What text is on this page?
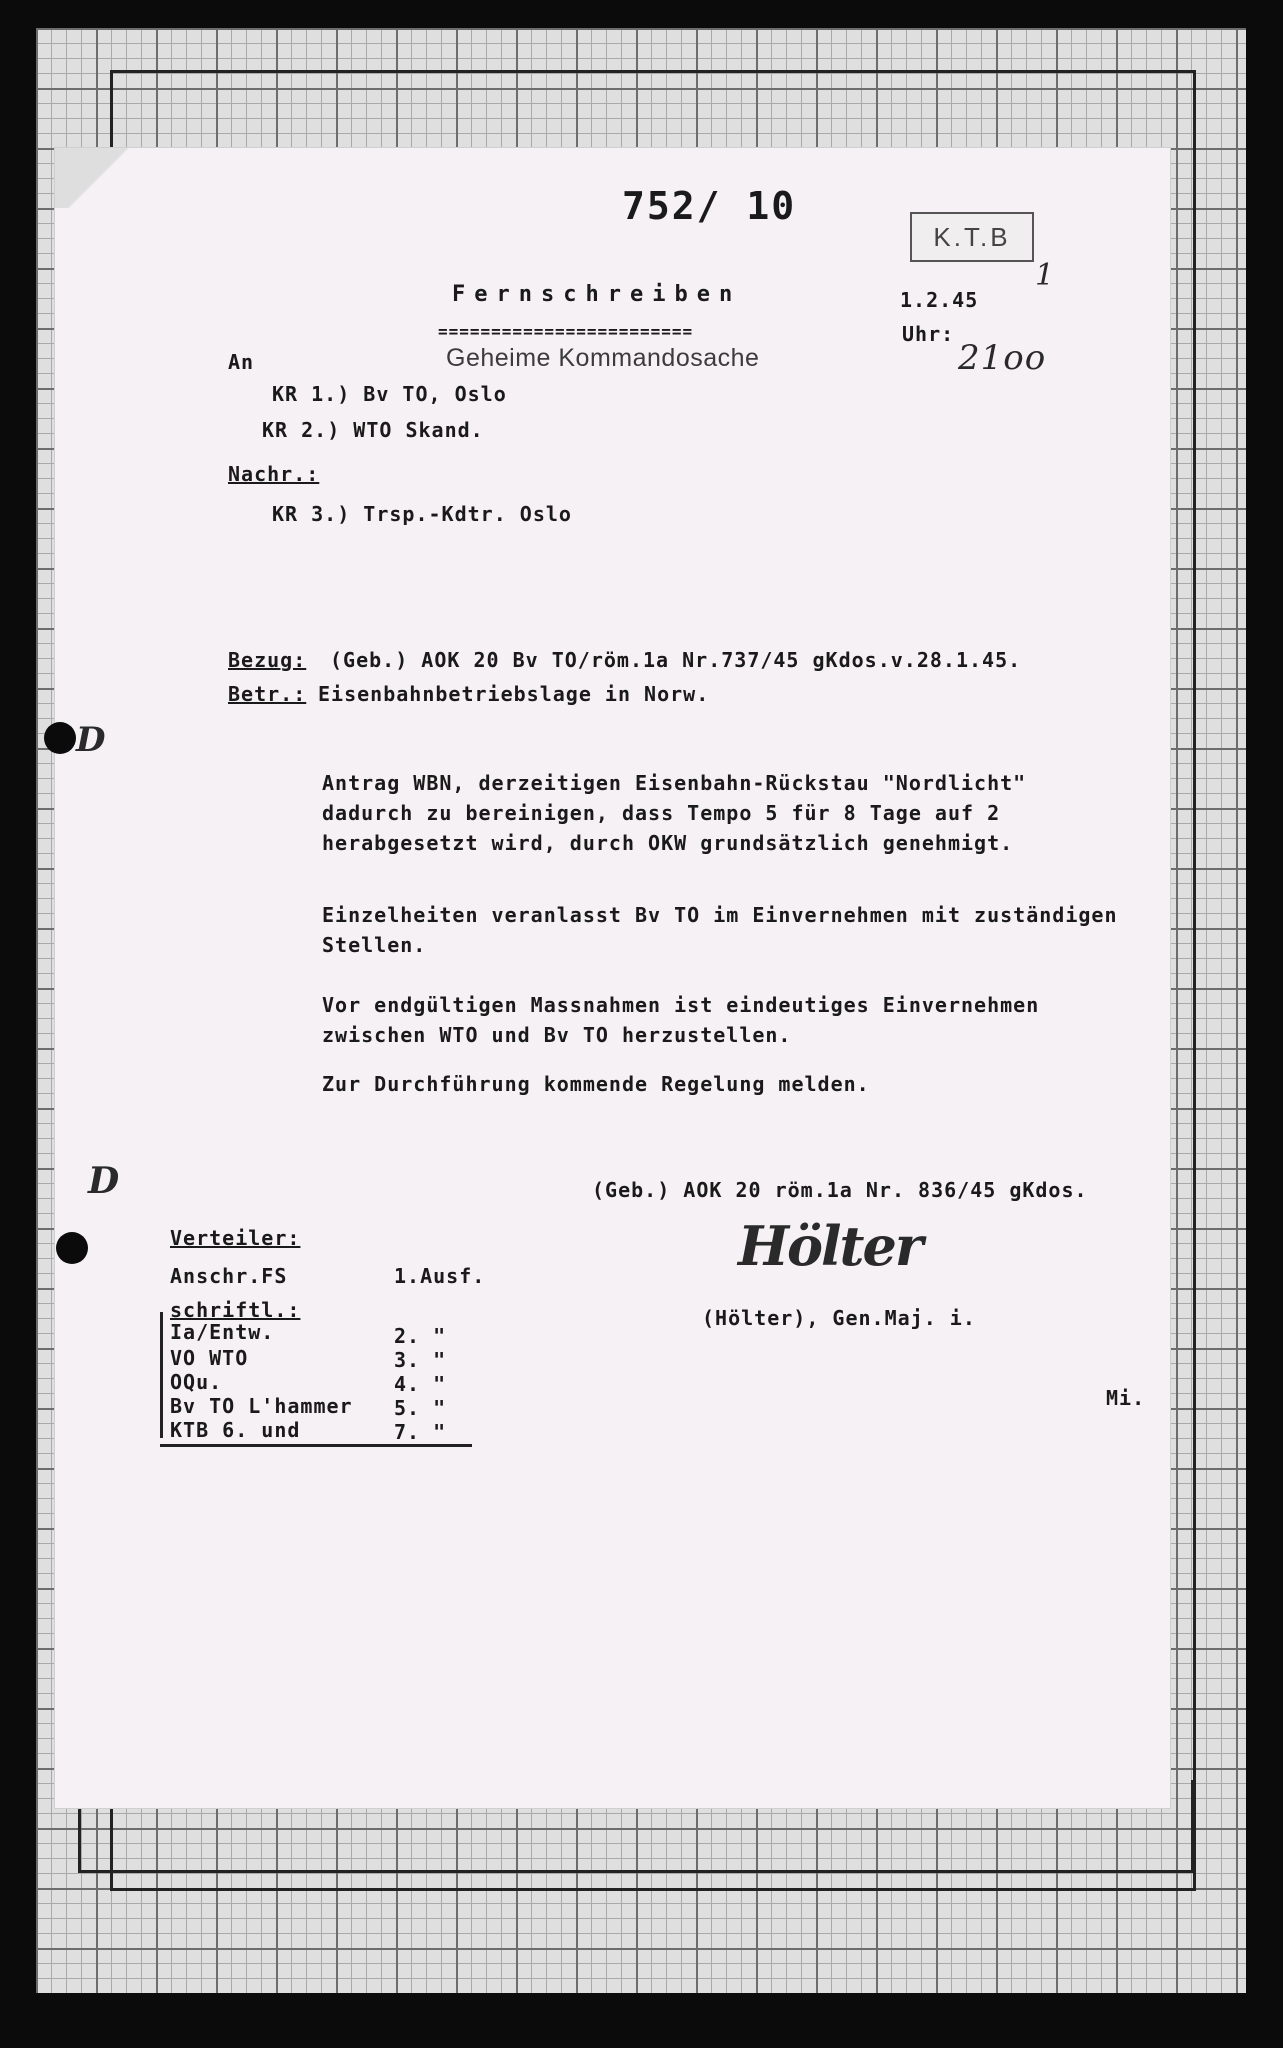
D
D
752/ 10
K.T.B
1
Fernschreiben
========================
Geheime Kommandosache
1.2.45
Uhr:
21oo
An
KR 1.) Bv TO, Oslo
KR 2.) WTO Skand.
Nachr.:
KR 3.) Trsp.-Kdtr. Oslo
Bezug: (Geb.) AOK 20 Bv TO/röm.1a Nr.737/45 gKdos.v.28.1.45.
Betr.: Eisenbahnbetriebslage in Norw.
Antrag WBN, derzeitigen Eisenbahn-Rückstau "Nordlicht" dadurch zu bereinigen, dass Tempo 5 für 8 Tage auf 2 herabgesetzt wird, durch OKW grundsätzlich genehmigt.
Einzelheiten veranlasst Bv TO im Einvernehmen mit zuständigen Stellen.
Vor endgültigen Massnahmen ist eindeutiges Einvernehmen zwischen WTO und Bv TO herzustellen.
Zur Durchführung kommende Regelung melden.
(Geb.) AOK 20 röm.1a Nr. 836/45 gKdos.
Hölter
(Hölter), Gen.Maj. i.
Mi.
Verteiler:
Anschr.FS	1.Ausf.
schriftl.:
Ia/Entw.	2. "
VO WTO	3. "
OQu.	4. "
Bv TO L'hammer 5. "
KTB 6. und	7. "
